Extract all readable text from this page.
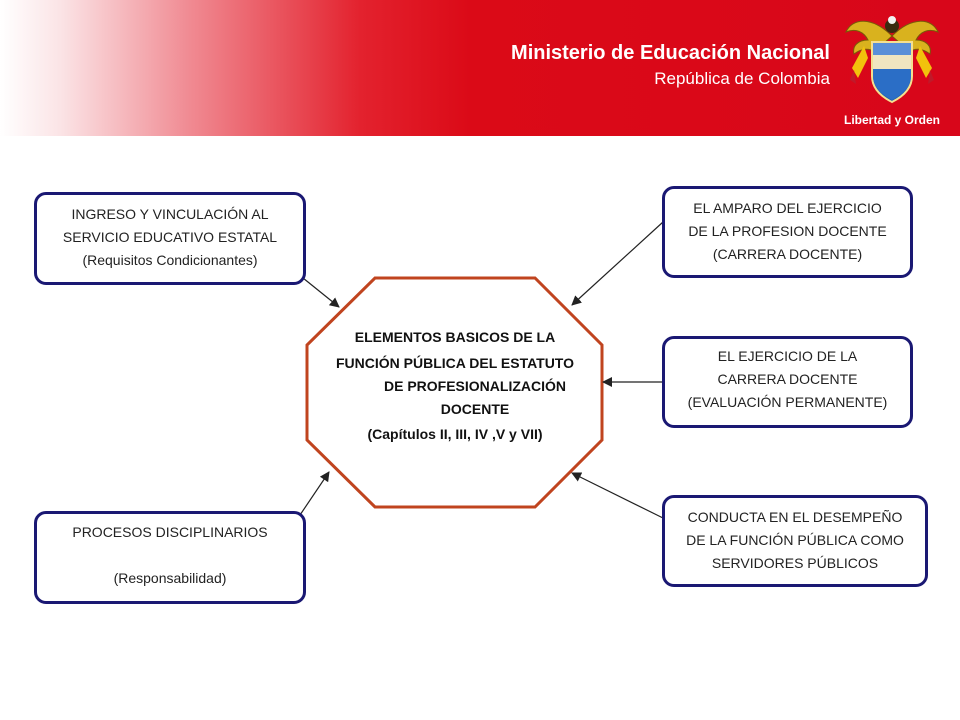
Ministerio de Educación Nacional
República de Colombia
Libertad y Orden
ELEMENTOS BASICOS DE LA
FUNCIÓN PÚBLICA DEL ESTATUTO
DE PROFESIONALIZACIÓN
DOCENTE
(Capítulos II, III, IV ,V y VII)
INGRESO Y VINCULACIÓN AL
SERVICIO EDUCATIVO ESTATAL
(Requisitos Condicionantes)
PROCESOS DISCIPLINARIOS
(Responsabilidad)
EL AMPARO DEL EJERCICIO
DE LA PROFESION DOCENTE
(CARRERA DOCENTE)
EL EJERCICIO DE LA
CARRERA DOCENTE
(EVALUACIÓN PERMANENTE)
CONDUCTA EN EL DESEMPEÑO
DE LA FUNCIÓN PÚBLICA COMO
SERVIDORES PÚBLICOS
